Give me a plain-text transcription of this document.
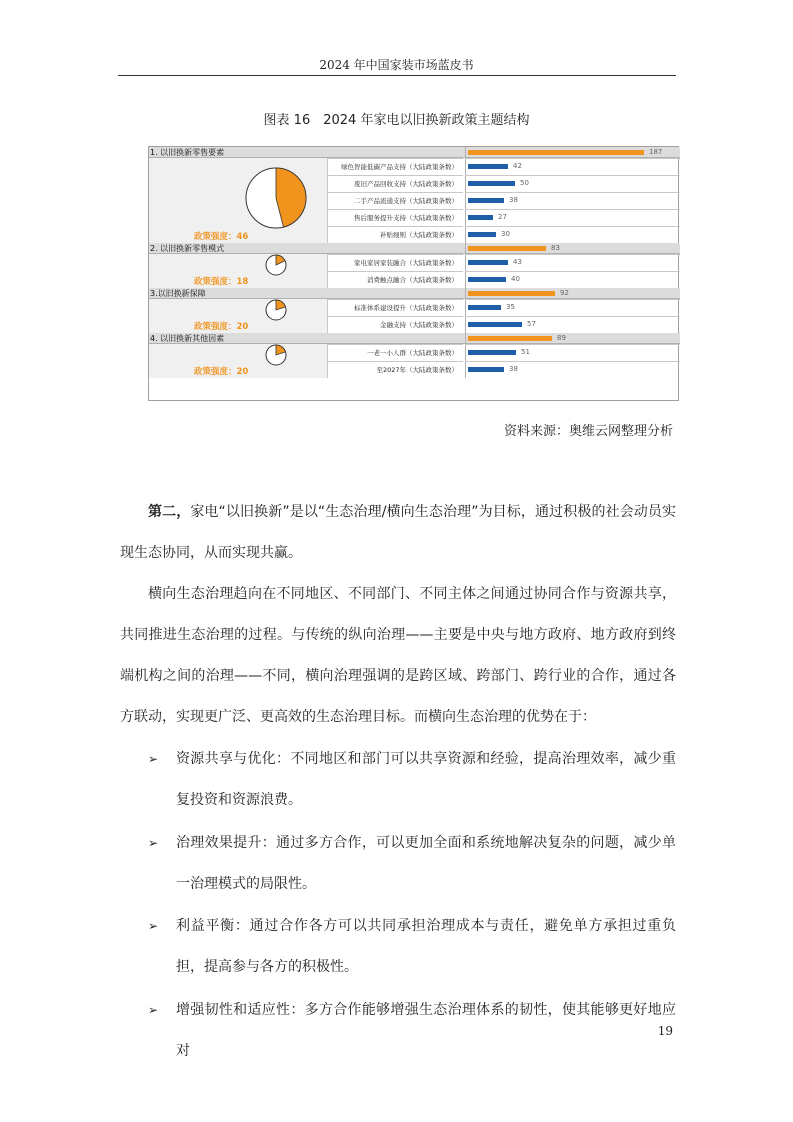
2024 年中国家装市场蓝皮书
图表 16　2024 年家电以旧换新政策主题结构
1. 以旧换新零售要素	187
政策强度：46
绿色智能低碳产品支持（大陆政策条数）	42
废旧产品回收支持（大陆政策条数）	50
二手产品流通支持（大陆政策条数）	38
售后服务提升支持（大陆政策条数）	27
补贴细则（大陆政策条数）	30
2. 以旧换新零售模式	83
政策强度：18
家电家居家装融合（大陆政策条数）	43
消费触点融合（大陆政策条数）	40
3.以旧换新保障	92
政策强度：20
标准体系建设提升（大陆政策条数）	35
金融支持（大陆政策条数）	57
4. 以旧换新其他因素	89
政策强度：20
一老一小人群（大陆政策条数）	51
至2027年（大陆政策条数）	38
资料来源：奥维云网整理分析
第二，家电“以旧换新”是以“生态治理/横向生态治理”为目标，通过积极的社会动员实现生态协同，从而实现共赢。
横向生态治理趋向在不同地区、不同部门、不同主体之间通过协同合作与资源共享，共同推进生态治理的过程。与传统的纵向治理——主要是中央与地方政府、地方政府到终端机构之间的治理——不同，横向治理强调的是跨区域、跨部门、跨行业的合作，通过各方联动，实现更广泛、更高效的生态治理目标。而横向生态治理的优势在于：
➢ 资源共享与优化：不同地区和部门可以共享资源和经验，提高治理效率，减少重复投资和资源浪费。
➢ 治理效果提升：通过多方合作，可以更加全面和系统地解决复杂的问题，减少单一治理模式的局限性。
➢ 利益平衡：通过合作各方可以共同承担治理成本与责任，避免单方承担过重负担，提高参与各方的积极性。
➢ 增强韧性和适应性：多方合作能够增强生态治理体系的韧性，使其能够更好地应对
19
